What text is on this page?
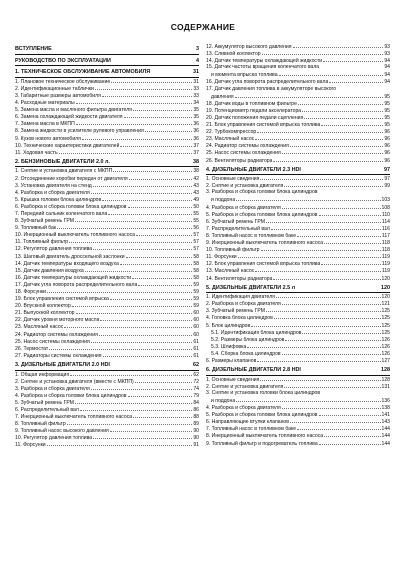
СОДЕРЖАНИЕ
ВСТУПЛЕНИЕ	3
РУКОВОДСТВО ПО ЭКСПЛУАТАЦИИ	4
1. ТЕХНИЧЕСКОЕ ОБСЛУЖИВАНИЕ АВТОМОБИЛЯ	31
1. Плановое техническое обслуживание	31
2. Идентификационные таблички	33
3. Габаритные размеры автомобиля	33
4. Расходные материалы	34
5. Замена масла и масляного фильтра двигателя	35
6. Замена охлаждающей жидкости двигателя	35
7. Замена масла в МКПП	36
8. Замена жидкости в усилителе рулевого управления	36
9. Кузов нового автомобиля	36
10. Технические характеристики двигателей	37
11. Ходовая часть	37
2. БЕНЗИНОВЫЕ ДВИГАТЕЛИ 2.0 л.	38
1. Снятие и установка двигателя с МКПП	38
2. Отсоединение коробки передач от двигателя	42
3. Установка двигателя на стенд	43
4. Разборка и сборка двигателя	43
5. Крышка головки блока цилиндров	49
6. Разборка и сборка головки блока цилиндров	50
7. Передний сальник коленчатого вала	55
8. Зубчатый ремень ГРМ	55
9. Топливный бак	56
10. Инерционный выключатель топливного насоса	57
11. Топливный фильтр	57
12. Регулятор давления топлива	57
13. Шаговый двигатель дроссельной заслонки	58
14. Датчик температуры входящего воздуха	58
15. Датчик давления воздуха	58
16. Датчик температуры охлаждающей жидкости	58
17. Датчик угла поворота распределительного вала	59
18. Форсунки	59
19. Блок управления системой впрыска	59
20. Впускной коллектор	59
21. Выпускной коллектор	60
22. Датчик уровня моторного масла	60
23. Масляный насос	60
24. Радиатор системы охлаждения	60
25. Насос системы охлаждения	61
26. Термостат	61
27. Радиаторы системы охлаждения	61
3. ДИЗЕЛЬНЫЕ ДВИГАТЕЛИ 2.0 HDI	62
1. Общая информация	62
2. Снятие и установка двигателя (вместе с МКПП)	72
3. Разборка и сборка двигателя	74
4. Разборка и сборка головки блока цилиндров	79
5. Зубчатый ремень ГРМ	84
6. Распределительный вал	86
7. Инерционный выключатель топливного насоса	88
8. Топливный фильтр	89
9. Топливный насос высокого давления	90
10. Регулятор давления топлива	90
11. Форсунки	91
12. Аккумулятор высокого давления	93
13. Сливной коллектор	93
14. Датчик температуры охлаждающей жидкости	94
15. Датчик частоты вращения коленчатого вала	94
и момента впрыска топлива	94
16. Датчик угла поворота распределительного вала	94
17. Датчик давления топлива в аккумуляторе высокого
давления	95
18. Датчик воды в топливном фильтре	95
19. Потенциометр педали акселератора	95
20. Датчик положения педали сцепления	95
21. Блок управления системой впрыска топлива	95
22. Турбокомпрессор	96
23. Масляный насос	96
24. Радиатор системы охлаждения	96
25. Насос системы охлаждения	96
26. Вентиляторы радиатора	96
4. ДИЗЕЛЬНЫЕ ДВИГАТЕЛИ 2.3 HDI	97
1. Основные сведения	97
2. Снятие и установка двигателя	99
3. Разборка и сборка головки блока цилиндров
и поддона	103
4. Разборка и сборка двигателя	108
5. Разборка и сборка головки блока цилиндров	110
6. Зубчатый ремень ГРМ	114
7. Распределительный вал	116
8. Топливный насос в топливном баке	117
9. Инерционный выключатель топливного насоса	118
10. Топливный фильтр	118
11. Форсунки	119
12. Блок управления системой впрыска топлива	119
13. Масляный насос	119
14. Вентиляторы радиатора	120
5. ДИЗЕЛЬНЫЕ ДВИГАТЕЛИ 2.5 л	120
1. Идентификация двигателя	120
2. Разборка и сборка двигателя	121
3. Зубчатый ремень ГРМ	125
4. Головка блока цилиндров	125
5. Блок цилиндров	125
5.1. Идентификация блока цилиндров	125
5.2. Размеры блока цилиндров	126
5.3. Шлифовка	126
5.4. Сборка блока цилиндров	126
6. Размеры клапанов	127
6. ДИЗЕЛЬНЫЕ ДВИГАТЕЛИ 2.8 HDI	128
1. Основные сведения	128
2. Снятие и установка двигателя	131
3. Снятие и установка головки блока цилиндров
и поддона	136
4. Разборка и сборка двигателя	138
5. Разборка и сборка головки блока цилиндров	141
6. Направляющие втулки клапанов	143
7. Топливный насос в топливном баке	144
8. Инерционный выключатель топливного насоса	144
9. Топливный фильтр и подогреватель топлива	144
